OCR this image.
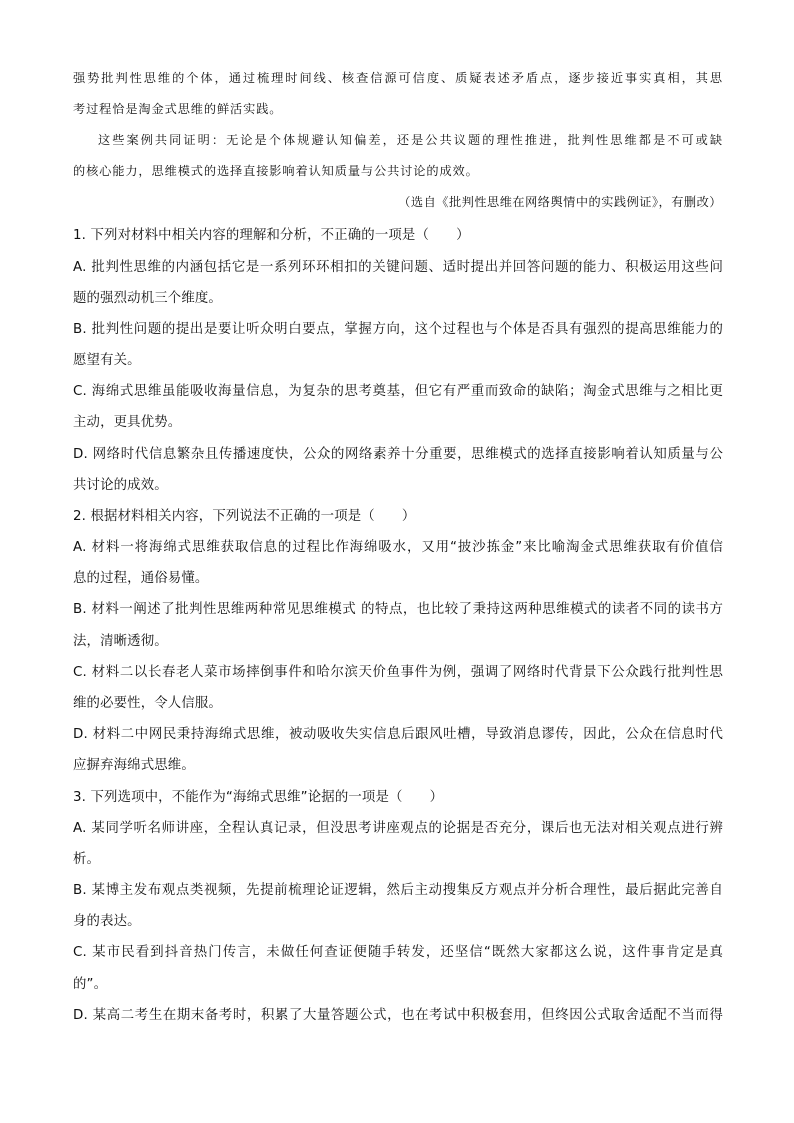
强势批判性思维的个体，通过梳理时间线、核查信源可信度、质疑表述矛盾点，逐步接近事实真相，其思
考过程恰是淘金式思维的鲜活实践。
这些案例共同证明：无论是个体规避认知偏差，还是公共议题的理性推进，批判性思维都是不可或缺
的核心能力，思维模式的选择直接影响着认知质量与公共讨论的成效。
（选自《批判性思维在网络舆情中的实践例证》，有删改）
1. 下列对材料中相关内容的理解和分析，不正确的一项是（　　）
A. 批判性思维的内涵包括它是一系列环环相扣的关键问题、适时提出并回答问题的能力、积极运用这些问
题的强烈动机三个维度。
B. 批判性问题的提出是要让听众明白要点，掌握方向，这个过程也与个体是否具有强烈的提高思维能力的
愿望有关。
C. 海绵式思维虽能吸收海量信息，为复杂的思考奠基，但它有严重而致命的缺陷；淘金式思维与之相比更
主动，更具优势。
D. 网络时代信息繁杂且传播速度快，公众的网络素养十分重要，思维模式的选择直接影响着认知质量与公
共讨论的成效。
2. 根据材料相关内容，下列说法不正确的一项是（　　）
A. 材料一将海绵式思维获取信息的过程比作海绵吸水，又用“披沙拣金”来比喻淘金式思维获取有价值信
息的过程，通俗易懂。
B. 材料一阐述了批判性思维两种常见思维模式 的特点，也比较了秉持这两种思维模式的读者不同的读书方
法，清晰透彻。
C. 材料二以长春老人菜市场摔倒事件和哈尔滨天价鱼事件为例，强调了网络时代背景下公众践行批判性思
维的必要性，令人信服。
D. 材料二中网民秉持海绵式思维，被动吸收失实信息后跟风吐槽，导致消息谬传，因此，公众在信息时代
应摒弃海绵式思维。
3. 下列选项中，不能作为“海绵式思维”论据的一项是（　　）
A. 某同学听名师讲座，全程认真记录，但没思考讲座观点的论据是否充分，课后也无法对相关观点进行辨
析。
B. 某博主发布观点类视频，先提前梳理论证逻辑，然后主动搜集反方观点并分析合理性，最后据此完善自
身的表达。
C. 某市民看到抖音热门传言，未做任何查证便随手转发，还坚信“既然大家都这么说，这件事肯定是真
的”。
D. 某高二考生在期末备考时，积累了大量答题公式，也在考试中积极套用，但终因公式取舍适配不当而得
